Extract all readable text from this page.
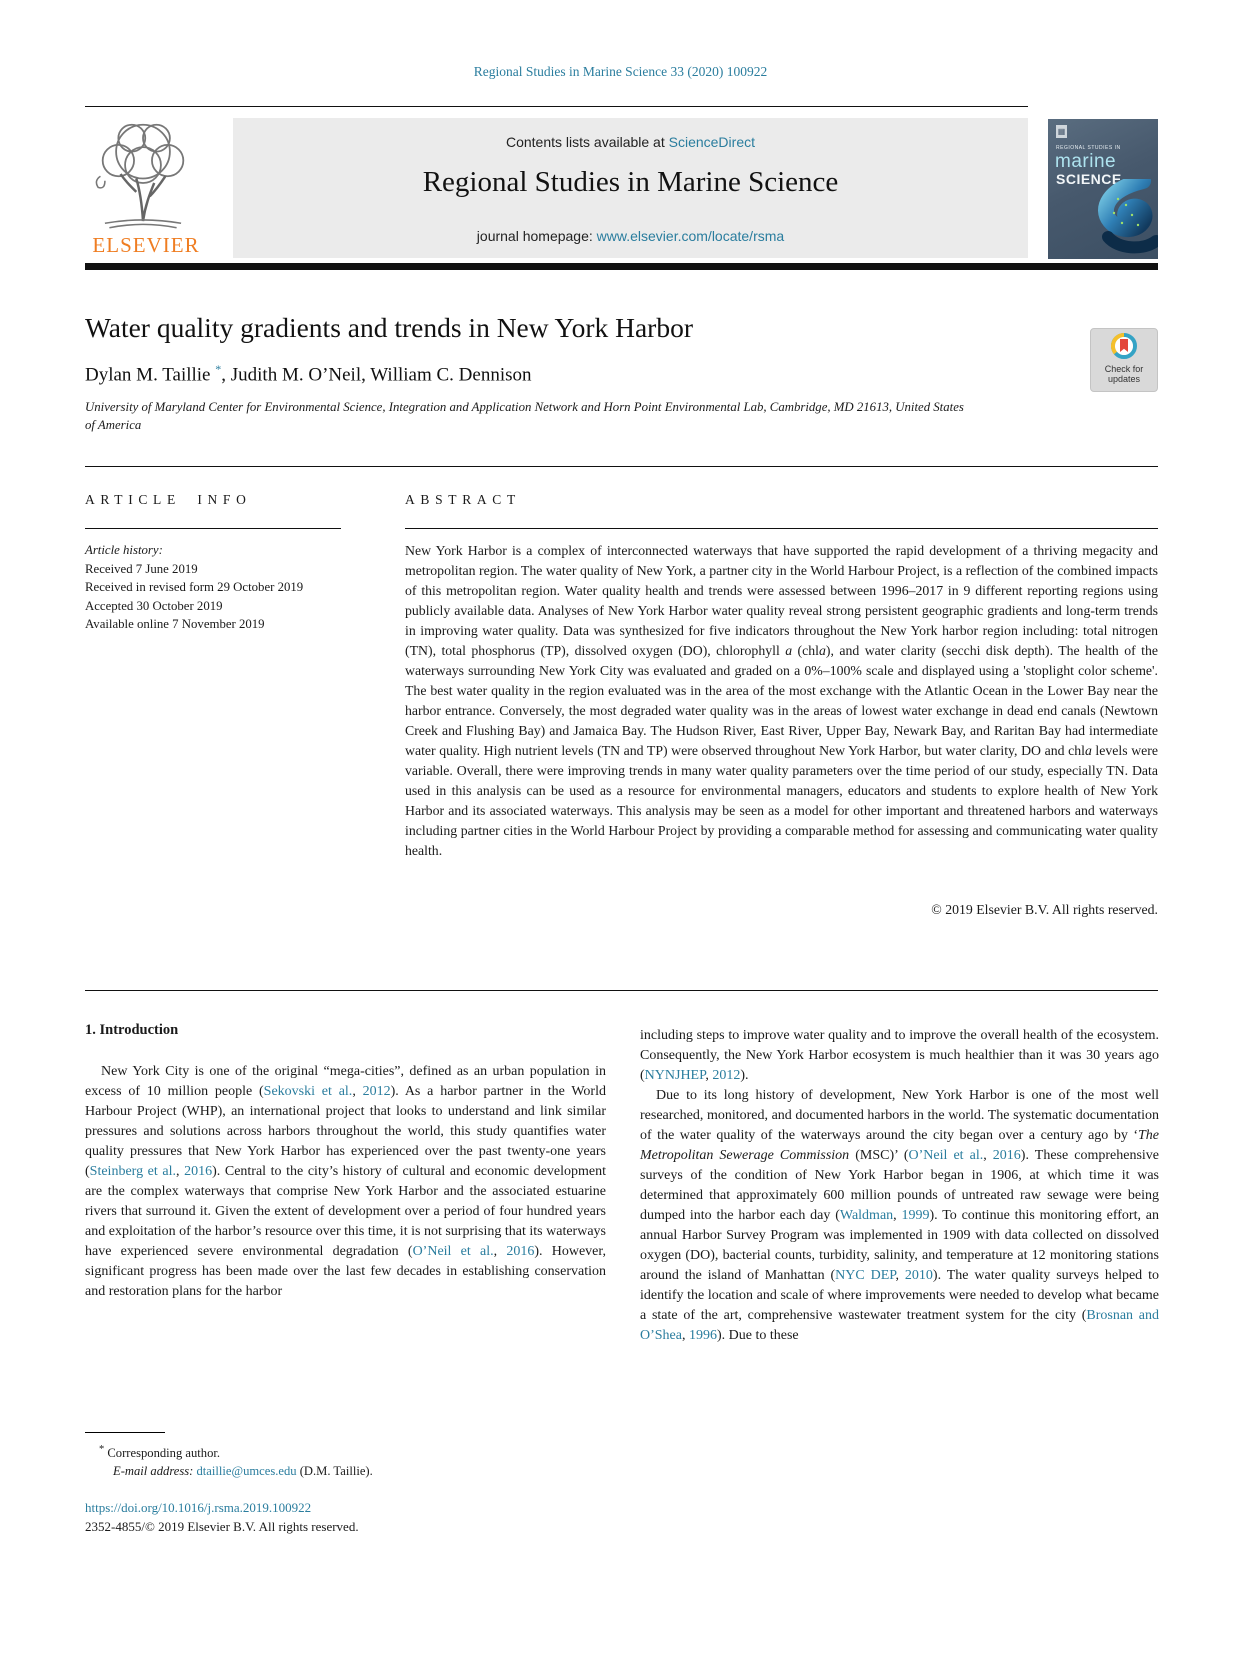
Regional Studies in Marine Science 33 (2020) 100922
ELSEVIER
Contents lists available at ScienceDirect
Regional Studies in Marine Science
journal homepage: www.elsevier.com/locate/rsma
▦
REGIONAL STUDIES IN
marine
SCIENCE
Water quality gradients and trends in New York Harbor
Dylan M. Taillie *, Judith M. O’Neil, William C. Dennison
University of Maryland Center for Environmental Science, Integration and Application Network and Horn Point Environmental Lab, Cambridge, MD 21613, United States of America
Check for updates
ARTICLE INFO
Article history:
Received 7 June 2019
Received in revised form 29 October 2019
Accepted 30 October 2019
Available online 7 November 2019
ABSTRACT
New York Harbor is a complex of interconnected waterways that have supported the rapid development of a thriving megacity and metropolitan region. The water quality of New York, a partner city in the World Harbour Project, is a reflection of the combined impacts of this metropolitan region. Water quality health and trends were assessed between 1996–2017 in 9 different reporting regions using publicly available data. Analyses of New York Harbor water quality reveal strong persistent geographic gradients and long-term trends in improving water quality. Data was synthesized for five indicators throughout the New York harbor region including: total nitrogen (TN), total phosphorus (TP), dissolved oxygen (DO), chlorophyll a (chla), and water clarity (secchi disk depth). The health of the waterways surrounding New York City was evaluated and graded on a 0%–100% scale and displayed using a 'stoplight color scheme'. The best water quality in the region evaluated was in the area of the most exchange with the Atlantic Ocean in the Lower Bay near the harbor entrance. Conversely, the most degraded water quality was in the areas of lowest water exchange in dead end canals (Newtown Creek and Flushing Bay) and Jamaica Bay. The Hudson River, East River, Upper Bay, Newark Bay, and Raritan Bay had intermediate water quality. High nutrient levels (TN and TP) were observed throughout New York Harbor, but water clarity, DO and chla levels were variable. Overall, there were improving trends in many water quality parameters over the time period of our study, especially TN. Data used in this analysis can be used as a resource for environmental managers, educators and students to explore health of New York Harbor and its associated waterways. This analysis may be seen as a model for other important and threatened harbors and waterways including partner cities in the World Harbour Project by providing a comparable method for assessing and communicating water quality health.
© 2019 Elsevier B.V. All rights reserved.
1. Introduction

New York City is one of the original “mega-cities”, defined as an urban population in excess of 10 million people (Sekovski et al., 2012). As a harbor partner in the World Harbour Project (WHP), an international project that looks to understand and link similar pressures and solutions across harbors throughout the world, this study quantifies water quality pressures that New York Harbor has experienced over the past twenty-one years (Steinberg et al., 2016). Central to the city’s history of cultural and economic development are the complex waterways that comprise New York Harbor and the associated estuarine rivers that surround it. Given the extent of development over a period of four hundred years and exploitation of the harbor’s resource over this time, it is not surprising that its waterways have experienced severe environmental degradation (O’Neil et al., 2016). However, significant progress has been made over the last few decades in establishing conservation and restoration plans for the harbor

including steps to improve water quality and to improve the overall health of the ecosystem. Consequently, the New York Harbor ecosystem is much healthier than it was 30 years ago (NYNJHEP, 2012).

Due to its long history of development, New York Harbor is one of the most well researched, monitored, and documented harbors in the world. The systematic documentation of the water quality of the waterways around the city began over a century ago by ‘The Metropolitan Sewerage Commission (MSC)’ (O’Neil et al., 2016). These comprehensive surveys of the condition of New York Harbor began in 1906, at which time it was determined that approximately 600 million pounds of untreated raw sewage were being dumped into the harbor each day (Waldman, 1999). To continue this monitoring effort, an annual Harbor Survey Program was implemented in 1909 with data collected on dissolved oxygen (DO), bacterial counts, turbidity, salinity, and temperature at 12 monitoring stations around the island of Manhattan (NYC DEP, 2010). The water quality surveys helped to identify the location and scale of where improvements were needed to develop what became a state of the art, comprehensive wastewater treatment system for the city (Brosnan and O’Shea, 1996). Due to these

* Corresponding author.
E-mail address: dtaillie@umces.edu (D.M. Taillie).
https://doi.org/10.1016/j.rsma.2019.100922
2352-4855/© 2019 Elsevier B.V. All rights reserved.
